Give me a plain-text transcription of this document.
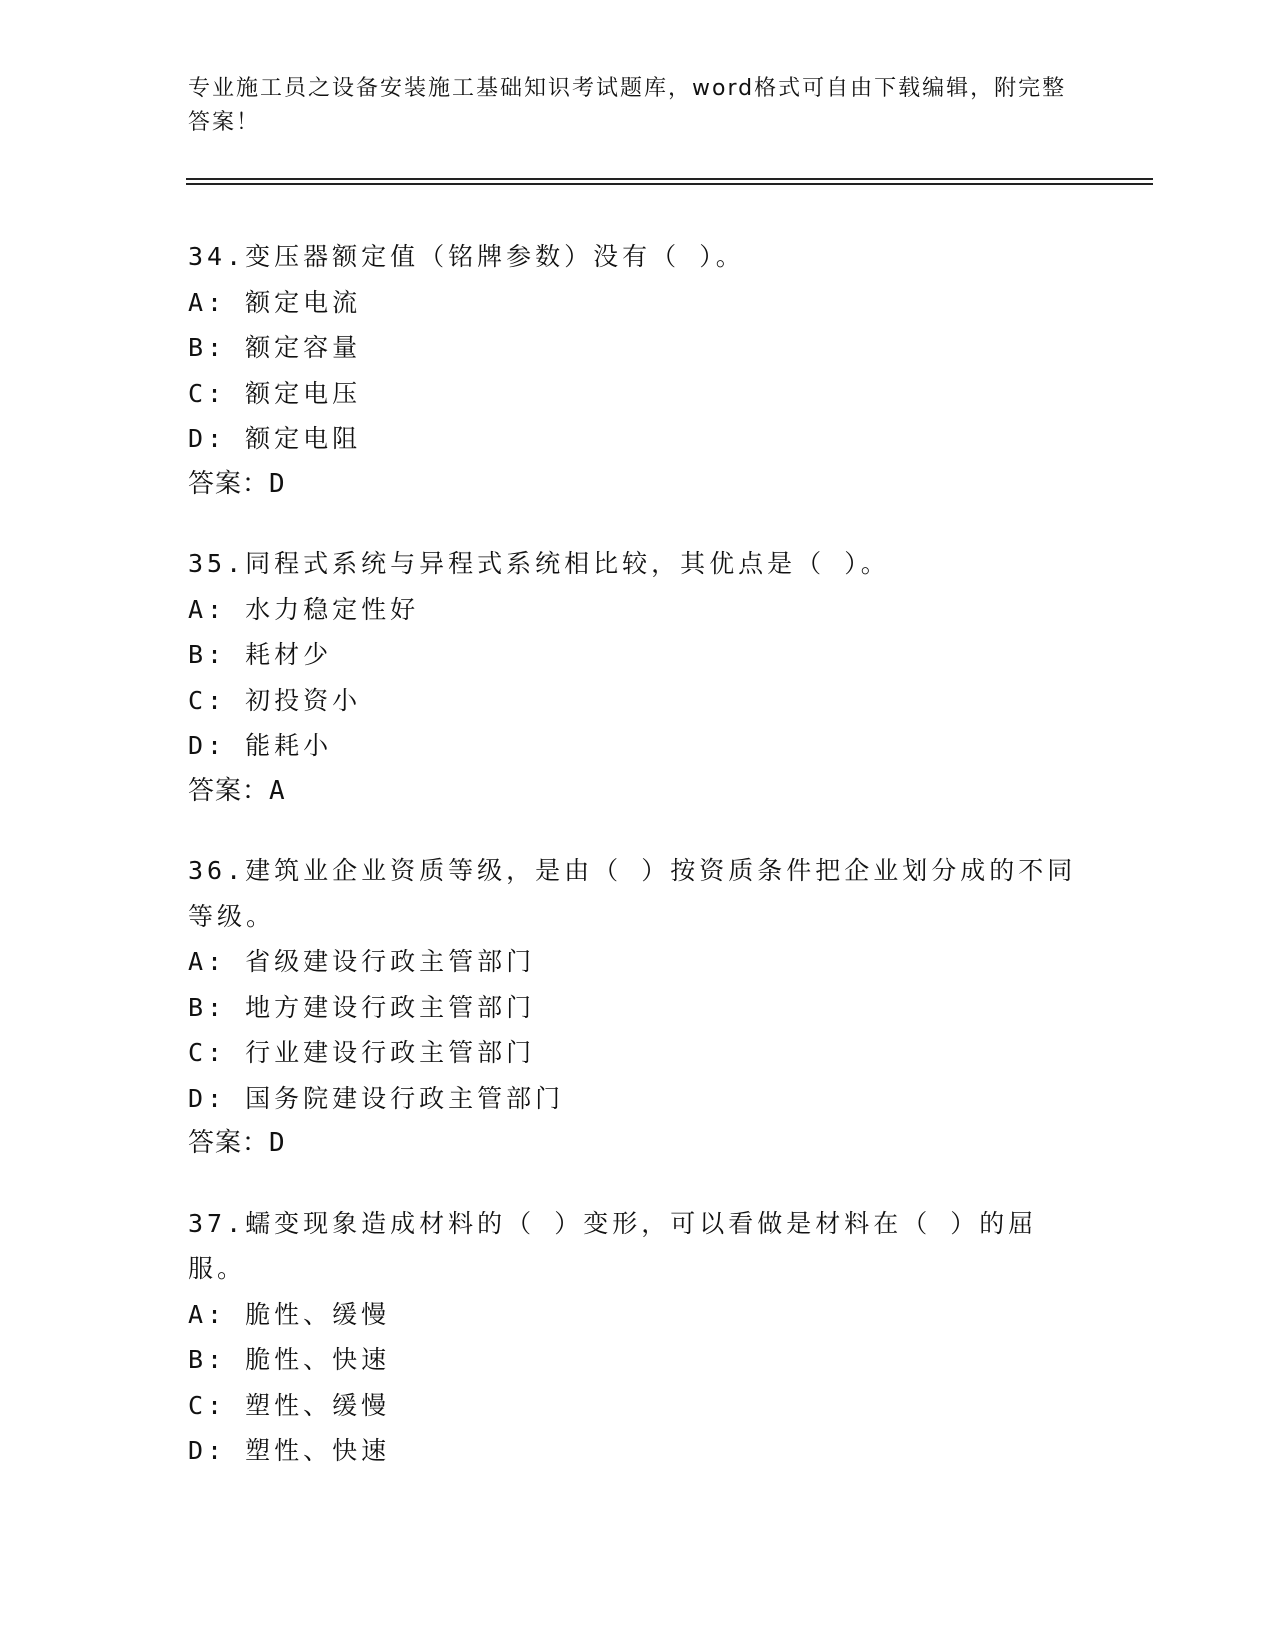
专业施工员之设备安装施工基础知识考试题库，word格式可自由下载编辑，附完整答案！
34.变压器额定值（铭牌参数）没有（ ）。
A: 额定电流
B: 额定容量
C: 额定电压
D: 额定电阻
答案：D
35.同程式系统与异程式系统相比较，其优点是（ ）。
A: 水力稳定性好
B: 耗材少
C: 初投资小
D: 能耗小
答案：A
36.建筑业企业资质等级，是由（ ）按资质条件把企业划分成的不同等级。
A: 省级建设行政主管部门
B: 地方建设行政主管部门
C: 行业建设行政主管部门
D: 国务院建设行政主管部门
答案：D
37.蠕变现象造成材料的（ ）变形，可以看做是材料在（ ）的屈服。
A: 脆性、缓慢
B: 脆性、快速
C: 塑性、缓慢
D: 塑性、快速
